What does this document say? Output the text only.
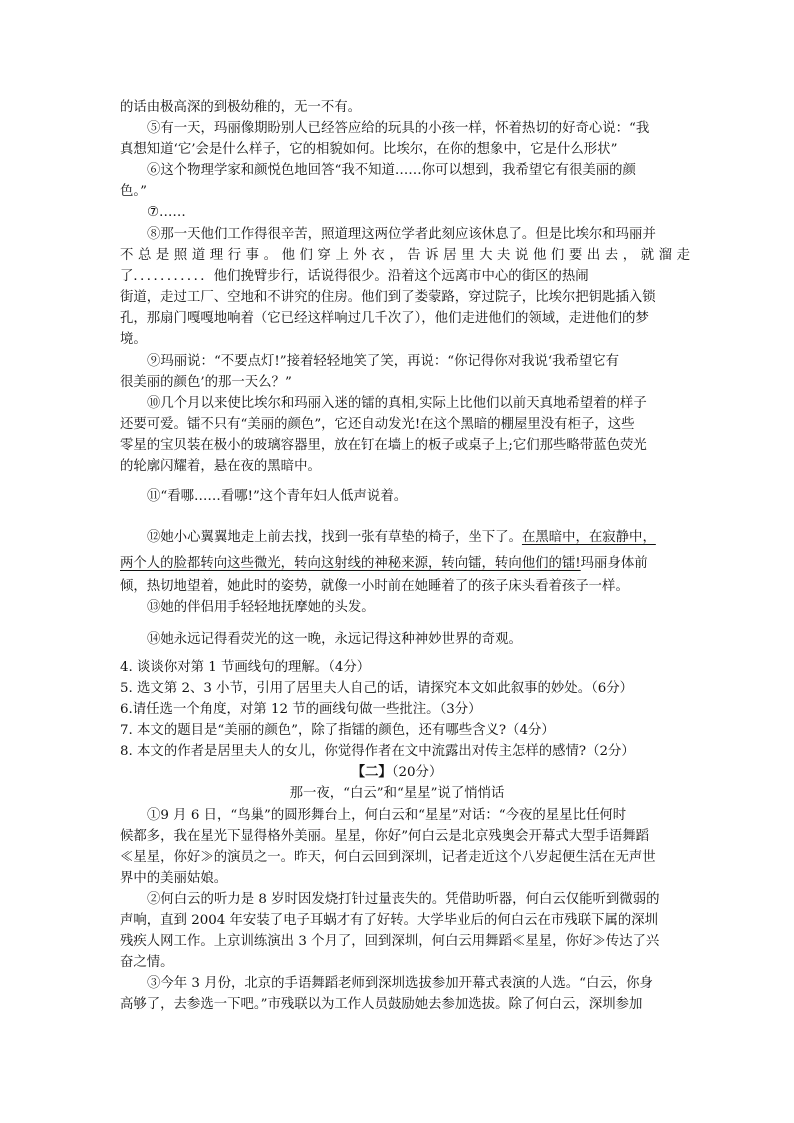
的话由极高深的到极幼稚的，无一不有。
⑤有一天，玛丽像期盼别人已经答应给的玩具的小孩一样，怀着热切的好奇心说：“我
真想知道‘它’会是什么样子，它的相貌如何。比埃尔，在你的想象中，它是什么形状”
⑥这个物理学家和颜悦色地回答“我不知道……你可以想到，我希望它有很美丽的颜
色。”
⑦……
⑧那一天他们工作得很辛苦，照道理这两位学者此刻应该休息了。但是比埃尔和玛丽并
不总是照道理行事。他们穿上外衣，告诉居里大夫说他们要出去，就溜走
了．．．．．．．．．．．他们挽臂步行，话说得很少。沿着这个远离市中心的街区的热闹
街道，走过工厂、空地和不讲究的住房。他们到了娄蒙路，穿过院子，比埃尔把钥匙插入锁
孔，那扇门嘎嘎地响着（它已经这样响过几千次了），他们走进他们的领域，走进他们的梦
境。
⑨玛丽说：“不要点灯!”接着轻轻地笑了笑，再说：“你记得你对我说‘我希望它有
很美丽的颜色’的那一天么？”
⑩几个月以来使比埃尔和玛丽入迷的镭的真相,实际上比他们以前天真地希望着的样子
还要可爱。镭不只有“美丽的颜色”，它还自动发光!在这个黑暗的棚屋里没有柜子，这些
零星的宝贝装在极小的玻璃容器里，放在钉在墙上的板子或桌子上;它们那些略带蓝色荧光
的轮廓闪耀着，悬在夜的黑暗中。
⑪“看哪……看哪!”这个青年妇人低声说着。
⑫她小心翼翼地走上前去找，找到一张有草垫的椅子，坐下了。在黑暗中，在寂静中，
两个人的脸都转向这些微光，转向这射线的神秘来源，转向镭，转向他们的镭!玛丽身体前
倾，热切地望着，她此时的姿势，就像一小时前在她睡着了的孩子床头看着孩子一样。
⑬她的伴侣用手轻轻地抚摩她的头发。
⑭她永远记得看荧光的这一晚，永远记得这种神妙世界的奇观。
4. 谈谈你对第 1 节画线句的理解。（4分）
5. 选文第 2、3 小节，引用了居里夫人自己的话，请探究本文如此叙事的妙处。（6分）
6.请任选一个角度，对第 12 节的画线句做一些批注。（3分）
7. 本文的题目是“美丽的颜色”，除了指镭的颜色，还有哪些含义?（4分）
8. 本文的作者是居里夫人的女儿，你觉得作者在文中流露出对传主怎样的感情?（2分）
【二】（20分）
那一夜，“白云”和“星星”说了悄悄话
①9 月 6 日，“鸟巢”的圆形舞台上，何白云和“星星”对话：“今夜的星星比任何时
候都多，我在星光下显得格外美丽。星星，你好”何白云是北京残奥会开幕式大型手语舞蹈
≪星星，你好≫的演员之一。昨天，何白云回到深圳，记者走近这个八岁起便生活在无声世
界中的美丽姑娘。
②何白云的听力是 8 岁时因发烧打针过量丧失的。凭借助听器，何白云仅能听到微弱的
声响，直到 2004 年安装了电子耳蜗才有了好转。大学毕业后的何白云在市残联下属的深圳
残疾人网工作。上京训练演出 3 个月了，回到深圳，何白云用舞蹈≪星星，你好≫传达了兴
奋之情。
③今年 3 月份，北京的手语舞蹈老师到深圳选拔参加开幕式表演的人选。“白云，你身
高够了，去参选一下吧。”市残联以为工作人员鼓励她去参加选拔。除了何白云，深圳参加
